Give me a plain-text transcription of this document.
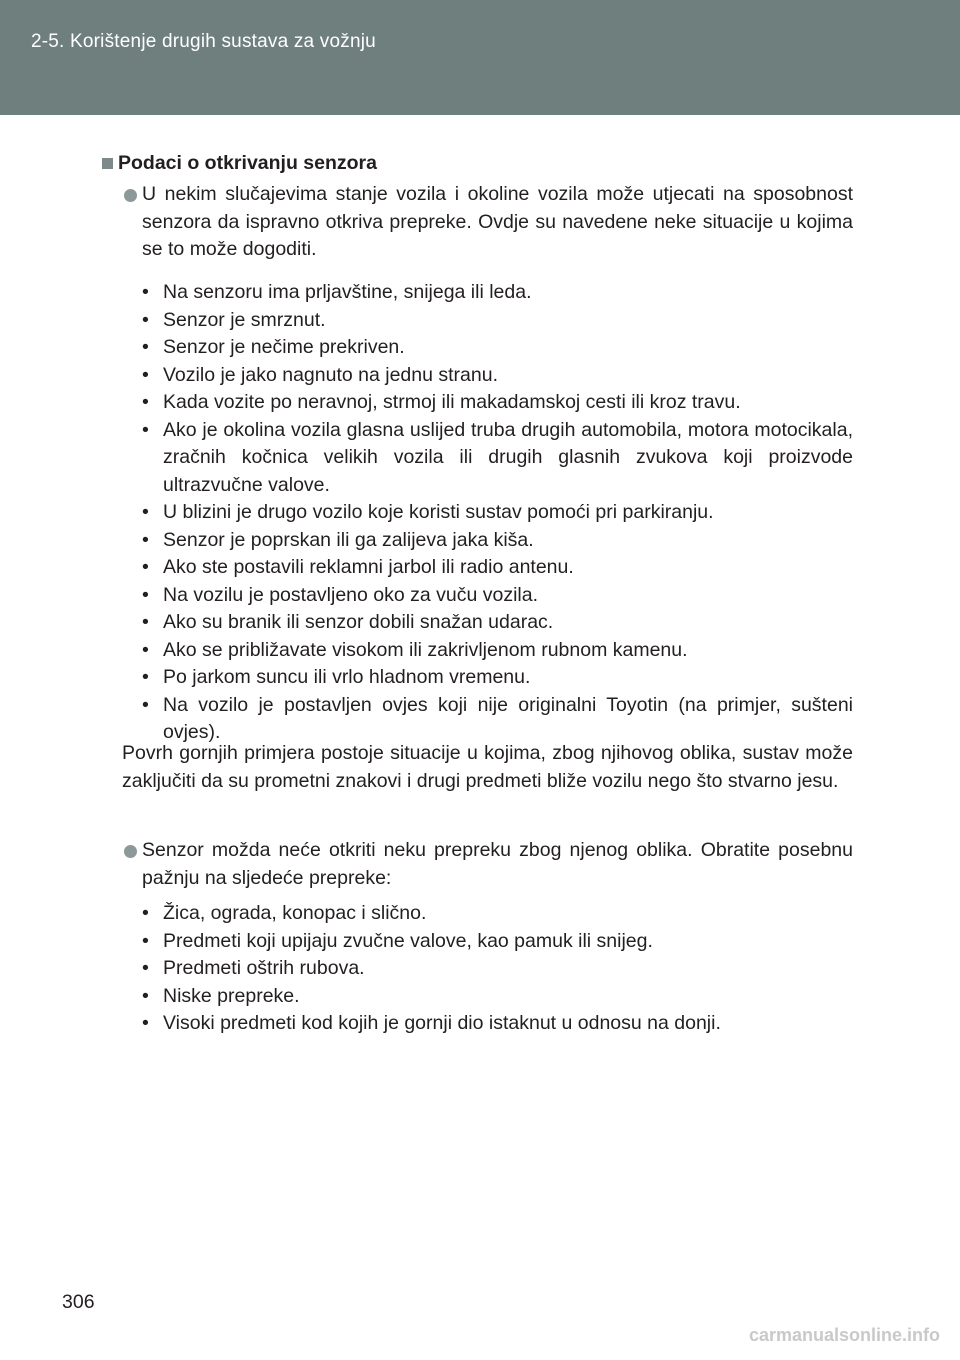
2-5. Korištenje drugih sustava za vožnju
Podaci o otkrivanju senzora
U nekim slučajevima stanje vozila i okoline vozila može utjecati na sposobnost senzora da ispravno otkriva prepreke. Ovdje su navedene neke situacije u kojima se to može dogoditi.
• Na senzoru ima prljavštine, snijega ili leda.
• Senzor je smrznut.
• Senzor je nečime prekriven.
• Vozilo je jako nagnuto na jednu stranu.
• Kada vozite po neravnoj, strmoj ili makadamskoj cesti ili kroz travu.
• Ako je okolina vozila glasna uslijed truba drugih automobila, motora motocikala, zračnih kočnica velikih vozila ili drugih glasnih zvukova koji proizvode ultrazvučne valove.
• U blizini je drugo vozilo koje koristi sustav pomoći pri parkiranju.
• Senzor je poprskan ili ga zalijeva jaka kiša.
• Ako ste postavili reklamni jarbol ili radio antenu.
• Na vozilu je postavljeno oko za vuču vozila.
• Ako su branik ili senzor dobili snažan udarac.
• Ako se približavate visokom ili zakrivljenom rubnom kamenu.
• Po jarkom suncu ili vrlo hladnom vremenu.
• Na vozilo je postavljen ovjes koji nije originalni Toyotin (na primjer, sušteni ovjes).
Povrh gornjih primjera postoje situacije u kojima, zbog njihovog oblika, sustav može zaključiti da su prometni znakovi i drugi predmeti bliže vozilu nego što stvarno jesu.
Senzor možda neće otkriti neku prepreku zbog njenog oblika. Obratite posebnu pažnju na sljedeće prepreke:
• Žica, ograda, konopac i slično.
• Predmeti koji upijaju zvučne valove, kao pamuk ili snijeg.
• Predmeti oštrih rubova.
• Niske prepreke.
• Visoki predmeti kod kojih je gornji dio istaknut u odnosu na donji.
306
carmanualsonline.info
